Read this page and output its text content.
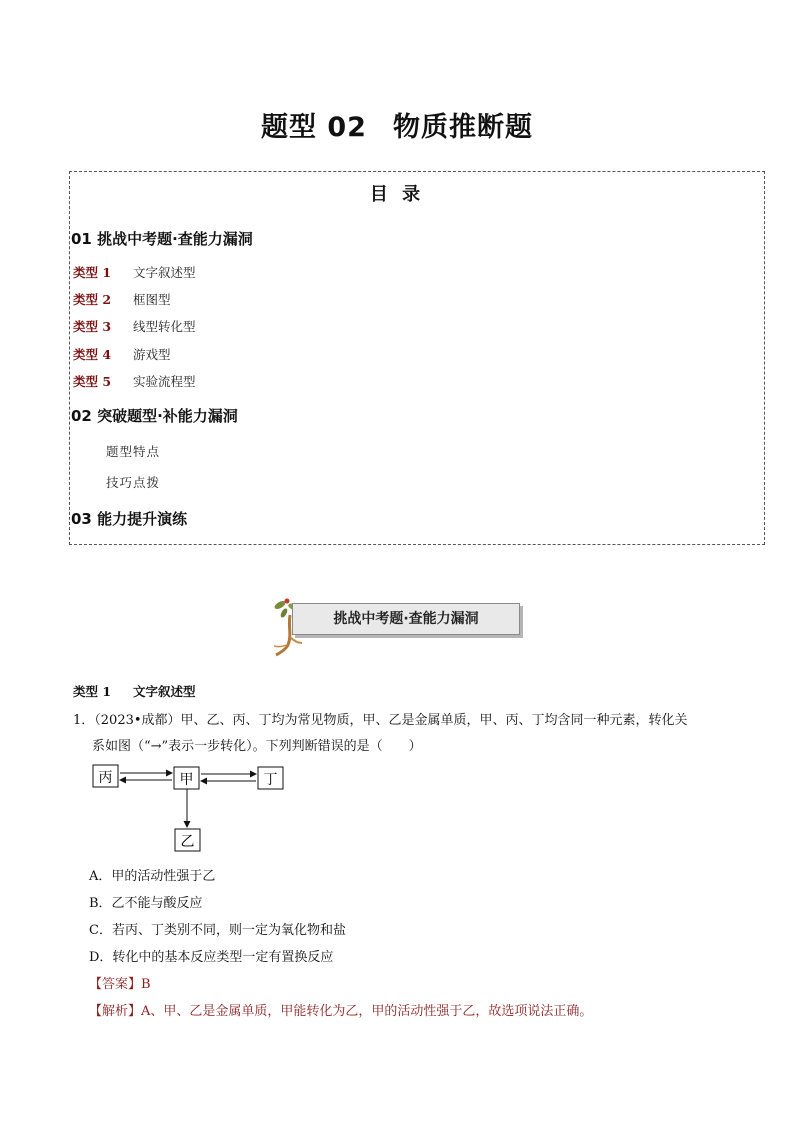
题型 02 物质推断题
目 录
01 挑战中考题·查能力漏洞
类型 1 文字叙述型
类型 2 框图型
类型 3 线型转化型
类型 4 游戏型
类型 5 实验流程型
02 突破题型·补能力漏洞
题型特点
技巧点拨
03 能力提升演练
挑战中考题·查能力漏洞
类型 1 文字叙述型
1．（2023•成都）甲、乙、丙、丁均为常见物质，甲、乙是金属单质，甲、丙、丁均含同一种元素，转化关
系如图（“→”表示一步转化）。下列判断错误的是（　　）
丙	甲	丁
乙
A．甲的活动性强于乙
B．乙不能与酸反应
C．若丙、丁类别不同，则一定为氧化物和盐
D．转化中的基本反应类型一定有置换反应
【答案】B
【解析】A、甲、乙是金属单质，甲能转化为乙，甲的活动性强于乙，故选项说法正确。
